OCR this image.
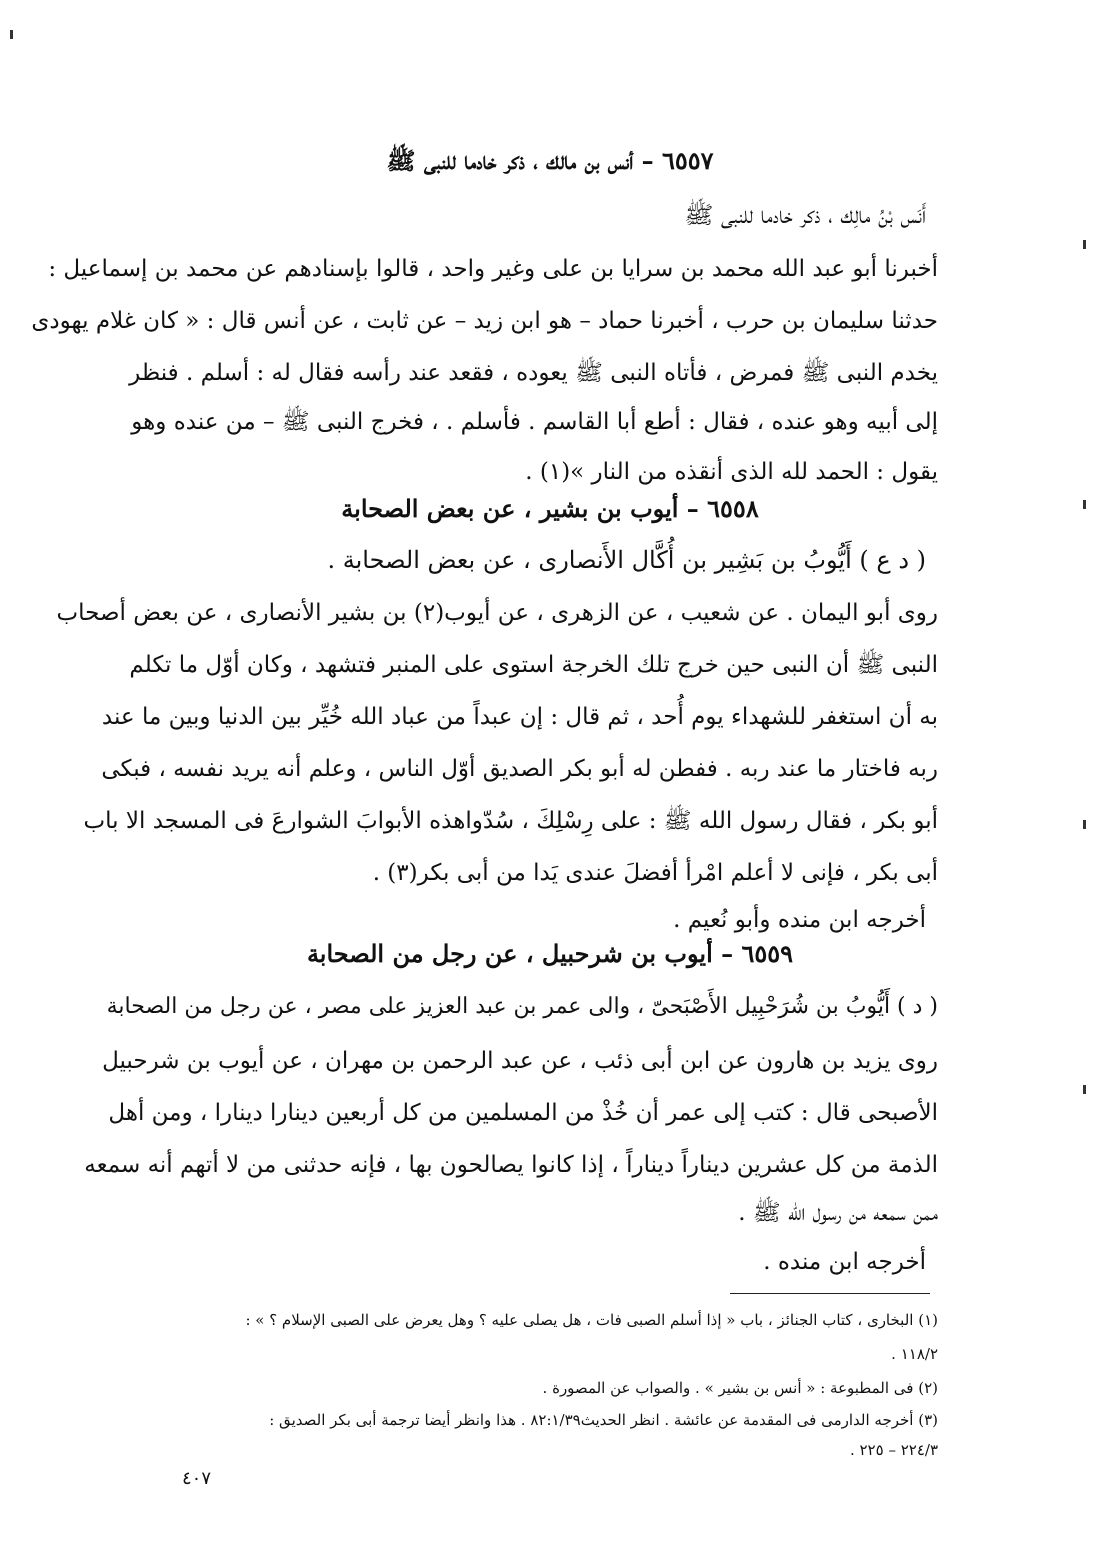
٦٥٥٧ – أنس بن مالك ، ذكر خادما للنبى ﷺ
أَنَس بْنُ مالِك ، ذكر خادما للنبى ﷺ
أخبرنا أبو عبد الله محمد بن سرايا بن على وغير واحد ، قالوا بإسنادهم عن محمد بن إسماعيل :
حدثنا سليمان بن حرب ، أخبرنا حماد – هو ابن زيد – عن ثابت ، عن أنس قال : « كان غلام يهودى
يخدم النبى ﷺ فمرض ، فأتاه النبى ﷺ يعوده ، فقعد عند رأسه فقال له : أسلم . فنظر
إلى أبيه وهو عنده ، فقال : أطع أبا القاسم . فأسلم . ، فخرج النبى ﷺ – من عنده وهو
يقول : الحمد لله الذى أنقذه من النار »(١) .
٦٥٥٨ – أيوب بن بشير ، عن بعض الصحابة
( د ع ) أَيُّوبُ بن بَشِير بن أُكَّال الأَنصارى ، عن بعض الصحابة .
روى أبو اليمان . عن شعيب ، عن الزهرى ، عن أيوب(٢) بن بشير الأنصارى ، عن بعض أصحاب
النبى ﷺ أن النبى حين خرج تلك الخرجة استوى على المنبر فتشهد ، وكان أوّل ما تكلم
به أن استغفر للشهداء يوم أُحد ، ثم قال : إن عبداً من عباد الله خُيِّر بين الدنيا وبين ما عند
ربه فاختار ما عند ربه . ففطن له أبو بكر الصديق أوّل الناس ، وعلم أنه يريد نفسه ، فبكى
أبو بكر ، فقال رسول الله ﷺ : على رِسْلِكَ ، سُدّواهذه الأبوابَ الشوارعَ فى المسجد الا باب
أبى بكر ، فإنى لا أعلم امْرأ أفضلَ عندى يَدا من أبى بكر(٣) .
أخرجه ابن منده وأبو نُعيم .
٦٥٥٩ – أيوب بن شرحبيل ، عن رجل من الصحابة
( د ) أَيُّوبُ بن شُرَحْبِيل الأَصْبَحىّ ، والى عمر بن عبد العزيز على مصر ، عن رجل من الصحابة
روى يزيد بن هارون عن ابن أبى ذئب ، عن عبد الرحمن بن مهران ، عن أيوب بن شرحبيل
الأصبحى قال : كتب إلى عمر أن خُذْ من المسلمين من كل أربعين دينارا دينارا ، ومن أهل
الذمة من كل عشرين ديناراً ديناراً ، إذا كانوا يصالحون بها ، فإنه حدثنى من لا أتهم أنه سمعه
ممن سمعه من رسول الله ﷺ .
أخرجه ابن منده .
(١) البخارى ، كتاب الجنائز ، باب « إذا أسلم الصبى فات ، هل يصلى عليه ؟ وهل يعرض على الصبى الإسلام ؟ » :
١١٨/٢ .
(٢) فى المطبوعة : « أنس بن بشير » . والصواب عن المصورة .
(٣) أخرجه الدارمى فى المقدمة عن عائشة . انظر الحديث٨٢:١/٣٩ . هذا وانظر أيضا ترجمة أبى بكر الصديق :
٢٢٤/٣ – ٢٢٥ .
٤٠٧
